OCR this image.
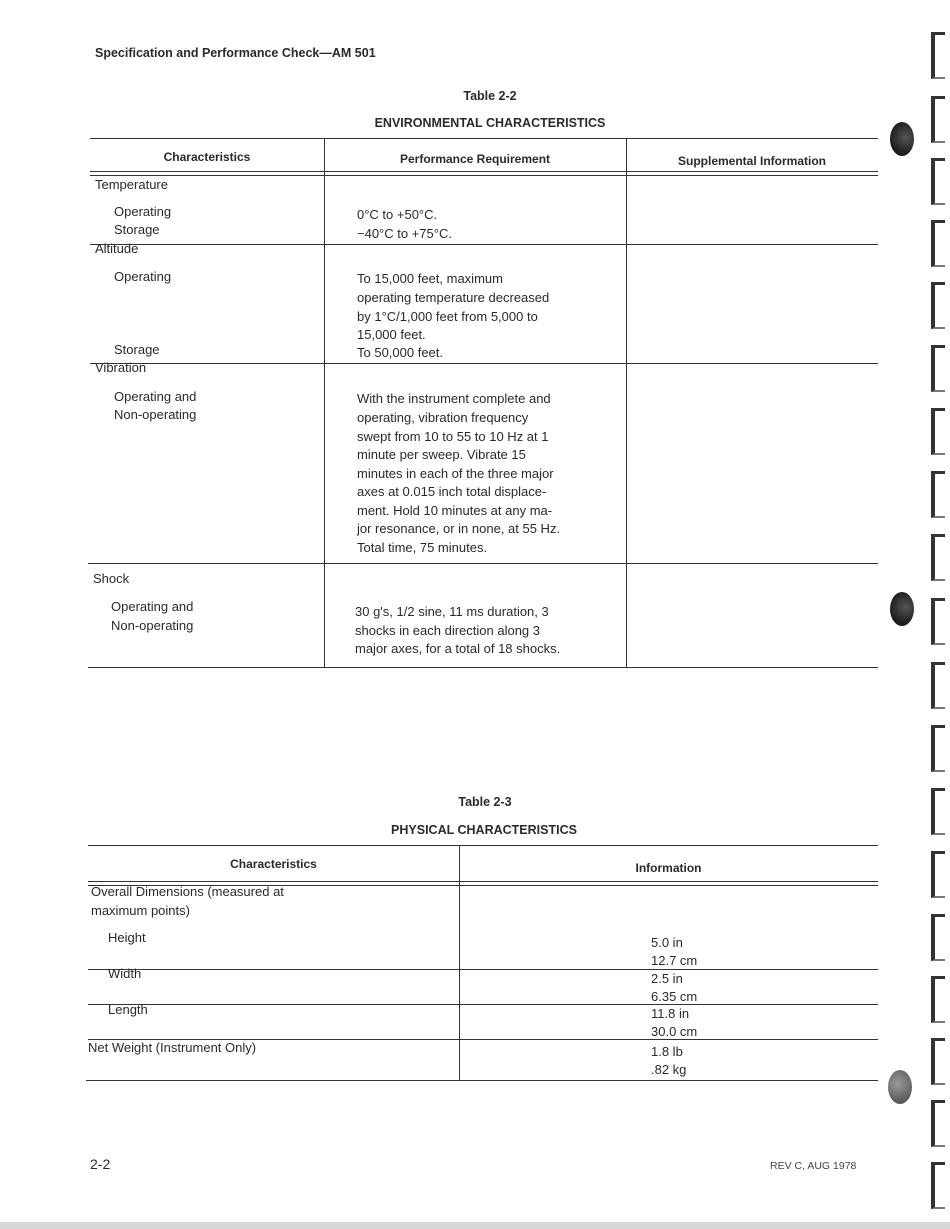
Specification and Performance Check—AM 501
Table 2-2
ENVIRONMENTAL CHARACTERISTICS
Characteristics	Performance Requirement	Supplemental Information
Temperature
Operating	0°C to +50°C.
Storage	−40°C to +75°C.
Altitude
Operating	To 15,000 feet, maximum
operating temperature decreased
by 1°C/1,000 feet from 5,000 to
15,000 feet.
Storage	To 50,000 feet.
Vibration
Operating and
Non-operating
With the instrument complete and
operating, vibration frequency
swept from 10 to 55 to 10 Hz at 1
minute per sweep. Vibrate 15
minutes in each of the three major
axes at 0.015 inch total displace-
ment. Hold 10 minutes at any ma-
jor resonance, or in none, at 55 Hz.
Total time, 75 minutes.
Shock
Operating and
Non-operating
30 g's, 1/2 sine, 11 ms duration, 3
shocks in each direction along 3
major axes, for a total of 18 shocks.
Table 2-3
PHYSICAL CHARACTERISTICS
Characteristics	Information
Overall Dimensions (measured at
maximum points)
Height	5.0 in
12.7 cm
Width	2.5 in
6.35 cm
Length	11.8 in
30.0 cm
Net Weight (Instrument Only)	1.8 lb
.82 kg
2-2	REV C, AUG 1978
